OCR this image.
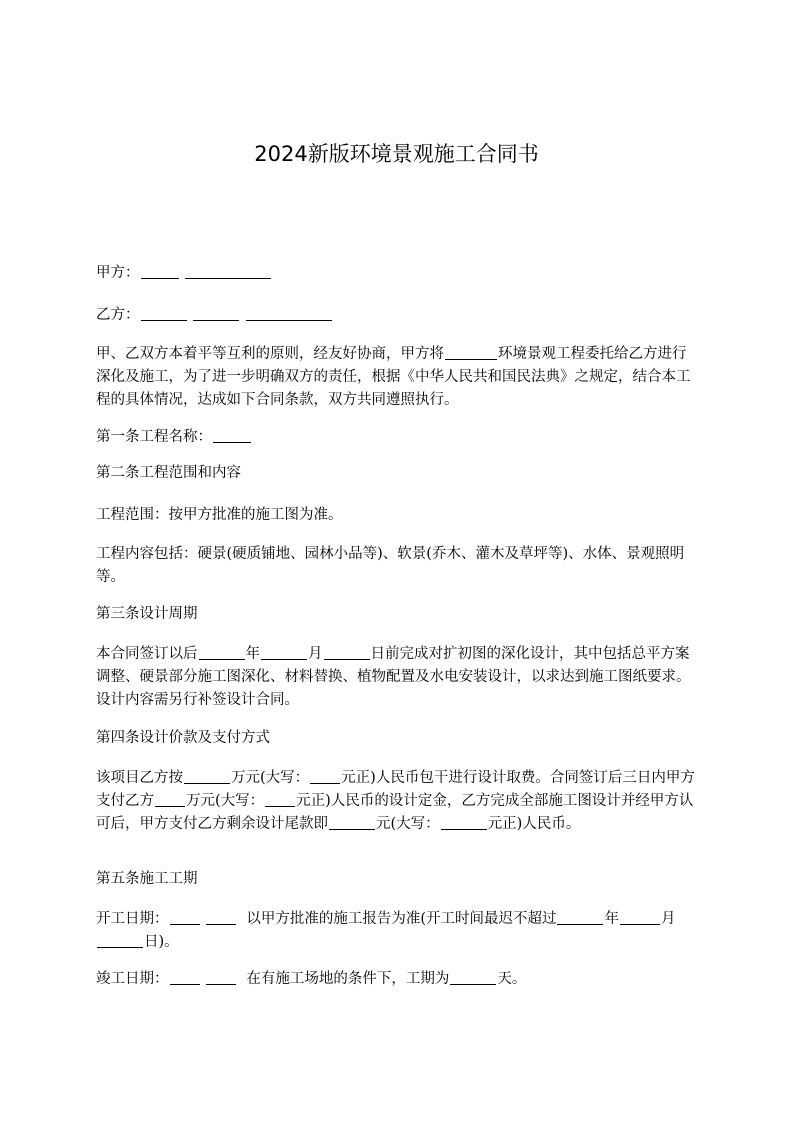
2024新版环境景观施工合同书

甲方：

乙方：

甲、乙双方本着平等互利的原则，经友好协商，甲方将	环境景观工程委托给乙方进行深化及施工，为了进一步明确双方的责任，根据《中华人民共和国民法典》之规定，结合本工程的具体情况，达成如下合同条款，双方共同遵照执行。

第一条工程名称：

第二条工程范围和内容

工程范围：按甲方批准的施工图为准。

工程内容包括：硬景(硬质铺地、园林小品等)、软景(乔木、灌木及草坪等)、水体、景观照明等。

第三条设计周期

本合同签订以后	年	月	日前完成对扩初图的深化设计，其中包括总平方案调整、硬景部分施工图深化、材料替换、植物配置及水电安装设计，以求达到施工图纸要求。设计内容需另行补签设计合同。

第四条设计价款及支付方式

该项目乙方按	万元(大写： 元正)人民币包干进行设计取费。合同签订后三日内甲方支付乙方 万元(大写： 元正)人民币的设计定金，乙方完成全部施工图设计并经甲方认可后，甲方支付乙方剩余设计尾款即	元(大写：	元正)人民币。

第五条施工工期

开工日期：	以甲方批准的施工报告为准(开工时间最迟不超过	年	月日)。

竣工日期：	在有施工场地的条件下，工期为	天。
